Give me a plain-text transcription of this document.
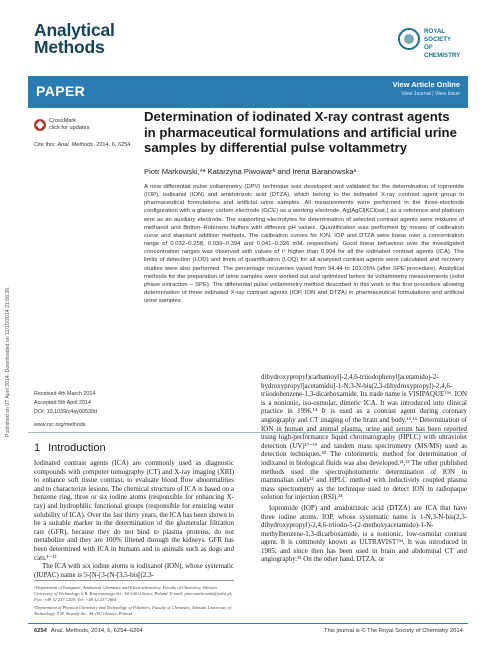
Analytical
Methods
ROYAL SOCIETY
OF CHEMISTRY
PAPER	View Article Online
View Journal | View Issue
CrossMark
click for updates
Cite this: Anal. Methods, 2014, 6, 6254
Determination of iodinated X-ray contrast agents in pharmaceutical formulations and artificial urine samples by differential pulse voltammetry
Piotr Markowski,*ᵃ Katarzyna Piwowarᵇ and Irena Baranowskaᵃ
A new differential pulse voltammetry (DPV) technique was developed and validated for the determination of iopromide (IOP), iodixanol (ION) and amidotrizoic acid (DTZA), which belong to the iodinated X-ray contrast agent group in pharmaceutical formulations and artificial urine samples. All measurements were performed in the three-electrode configuration with a glassy carbon electrode (GCE) as a working electrode, Ag|AgCl|KCl(sat.) as a reference and platinum wire as an auxiliary electrode. The supporting electrolytes for determination of selected contrast agents were mixtures of methanol and Britton–Robinson buffers with different pH values. Quantification was performed by means of calibration curve and standard addition methods. The calibration curves for ION, IOP and DTZA were linear over a concentration range of 0.032–0.258, 0.039–0.394 and 0.041–0.326 mM, respectively. Good linear behaviour over the investigated concentration ranges was observed with values of r² higher than 0.994 for all the iodinated contrast agents (ICA). The limits of detection (LOD) and limits of quantification (LOQ) for all analysed contrast agents were calculated and recovery studies were also performed. The percentage recoveries varied from 94.44 to 101.05% (after SPE procedure). Analytical methods for the preparation of urine samples were worked out and optimized before its voltammetry measurements (solid phase extraction – SPE). The differential pulse voltammetry method described in this work is the first procedure allowing determination of three iodinated X-ray contrast agents (IOP, ION and DTZA) in pharmaceutical formulations and artificial urine samples.
Received 4th March 2014
Accepted 5th April 2014
DOI: 10.1039/c4ay00538d
www.rsc.org/methods
Published on 07 April 2014. Downloaded on 11/10/2014 21:06:26.
1 Introduction

Iodinated contrast agents (ICA) are commonly used as diagnostic compounds with computer tomography (CT) and X-ray imaging (XRI) to enhance soft tissue contrast, to evaluate blood flow abnormalities and to characterize lesions. The chemical structure of ICA is based on a benzene ring, three or six iodine atoms (responsible for enhancing X-ray) and hydrophilic functional groups (responsible for ensuring water solubility of ICA). Over the last thirty years, the ICA has been shown to be a suitable marker in the determination of the glomerular filtration rate (GFR), because they do not bind to plasma proteins, do not metabolize and they are 100% filtered through the kidneys. GFR has been determined with ICA in humans and in animals such as dogs and cats.¹⁻¹³

The ICA with six iodine atoms is iodixanol (ION), whose systematic (IUPAC) name is 5-[N-[3-(N-[3,5-bis[(2,3-

dihydroxypropyl)carbamoyl]-2,4,6-triiodophenyl]acetamido)-2-hydroxypropyl]acetamido]-1-N,3-N-bis(2,3-dihydroxypropyl)-2,4,6-triiodobenzene-1,3-dicarboxamide. Its trade name is VISIPAQUE™. ION is a nonionic, iso-osmolar, dimeric ICA. It was introduced into clinical practice in 1996.¹⁴ It is used as a contrast agent during coronary angiography and CT imaging of the brain and body.¹⁵,¹⁶ Determination of ION in human and animal plasma, urine and serum has been reported using high-performance liquid chromatography (HPLC) with ultraviolet detection (UV)¹⁷⁻¹⁹ and tandem mass spectrometry (MS/MS) used as detection techniques.²⁰ The colorimetric method for determination of iodixanol in biological fluids was also developed.²¹,²² The other published methods used the spectrophotometric determination of ION in mammalian cells²³ and HPLC method with inductively coupled plasma mass spectrometry as the technique used to detect ION in radiopaque solution for injection (RSI).²⁴

Iopromide (IOP) and amidotrizoic acid (DTZA) are ICA that have three iodine atoms. IOP, whose systematic name is 1-N,3-N-bis(2,3-dihydroxypropyl)-2,4,6-triiodo-5-(2-methoxyacetamido)-1-N-methylbenzene-1,3-dicarboxamide, is a nonionic, low-osmolar contrast agent. It is commonly known as ULTRAVIST™. It was introduced in 1985, and since then has been used in brain and abdominal CT and angiography.²⁵ On the other hand, DTZA, or

ᵃDepartment of Inorganic, Analytical Chemistry and Electrochemistry, Faculty of Chemistry, Silesian University of Technology, 6 B. Krzywoustego Str., 44-100 Gliwice, Poland. E-mail: piotr.markowski@polsl.pl; Fax: +48 32 237 1205; Tel: +48 32 237 2604

ᵇDepartment of Physical Chemistry and Technology of Polymers, Faculty of Chemistry, Silesian University of Technology, 9 M. Strzody Str., 44-100 Gliwice, Poland

6254 Anal. Methods, 2014, 6, 6254–6264	This journal is © The Royal Society of Chemistry 2014
